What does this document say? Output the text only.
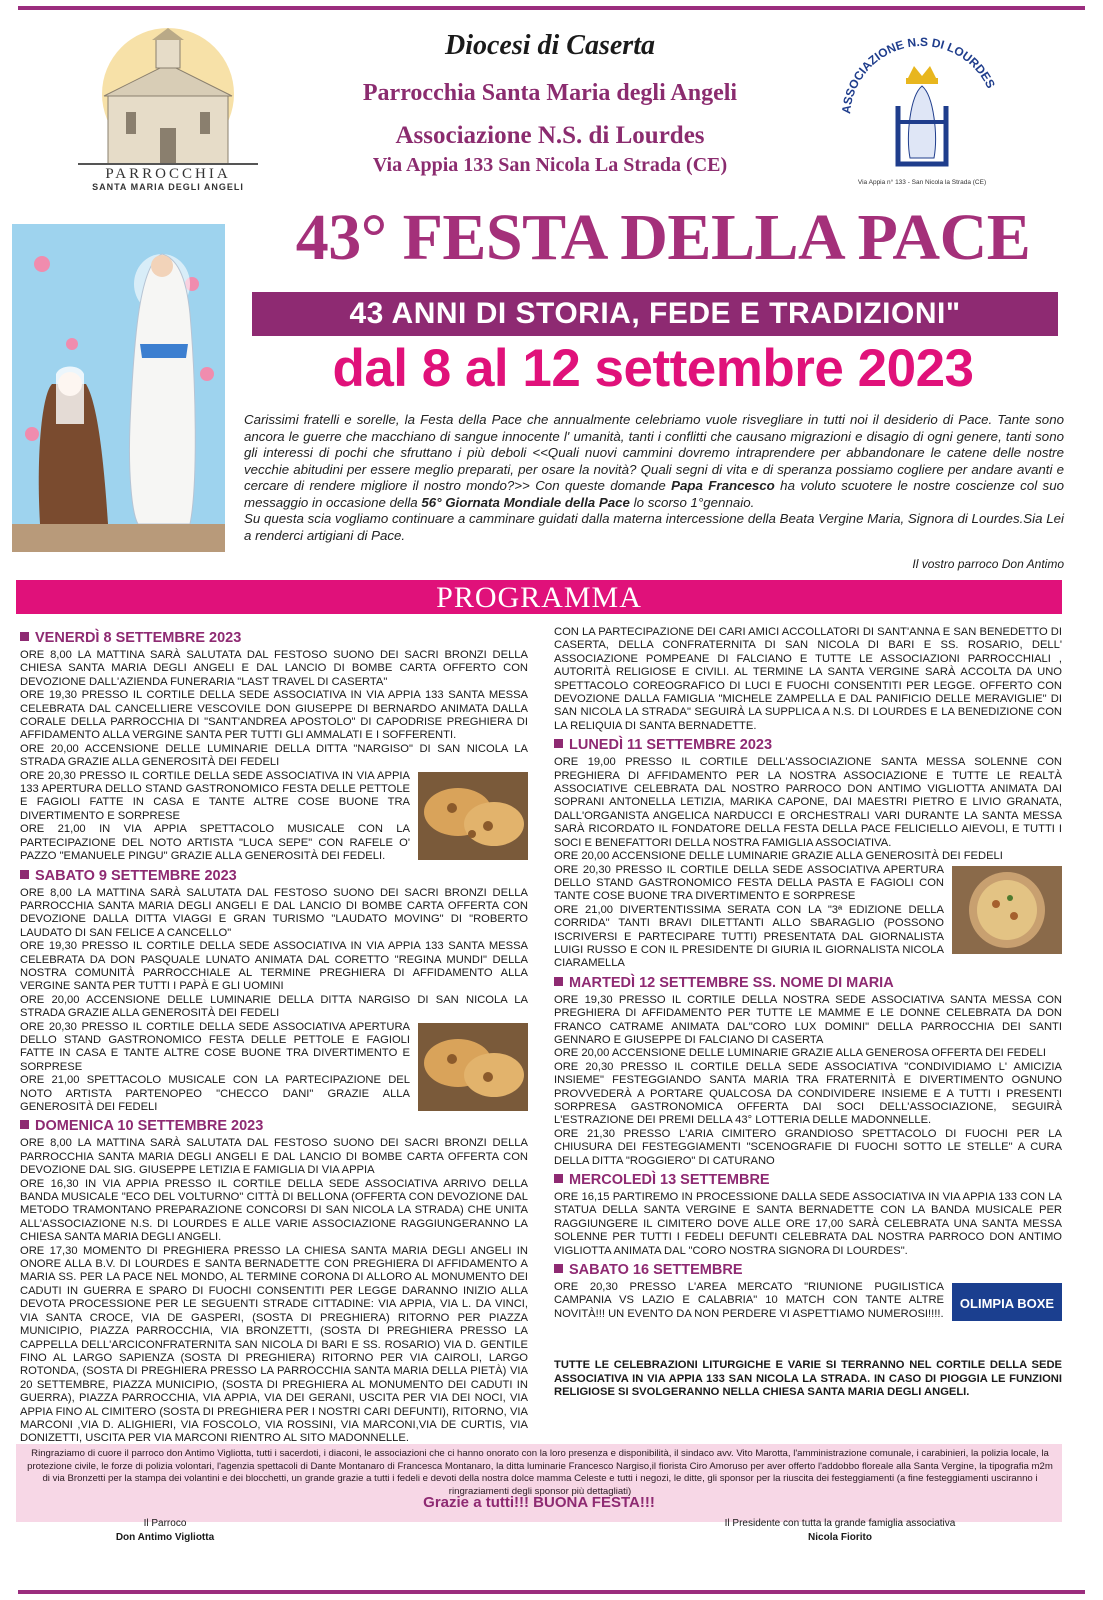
PARROCCHIA
SANTA MARIA DEGLI ANGELI
Diocesi di Caserta
Parrocchia Santa Maria degli Angeli
Associazione N.S. di Lourdes
Via Appia 133 San Nicola La Strada (CE)
ASSOCIAZIONE N.S DI LOURDES
Via Appia n° 133 - San Nicola la Strada (CE)
43° FESTA DELLA PACE
43 ANNI DI STORIA, FEDE E TRADIZIONI"
dal 8 al 12 settembre 2023
Carissimi fratelli e sorelle, la Festa della Pace che annualmente celebriamo vuole risvegliare in tutti noi il desiderio di Pace. Tante sono ancora le guerre che macchiano di sangue innocente l' umanità, tanti i conflitti che causano migrazioni e disagio di ogni genere, tanti sono gli interessi di pochi che sfruttano i più deboli <<Quali nuovi cammini dovremo intraprendere per abbandonare le catene delle nostre vecchie abitudini per essere meglio preparati, per osare la novità? Quali segni di vita e di speranza possiamo cogliere per andare avanti e cercare di rendere migliore il nostro mondo?>> Con queste domande Papa Francesco ha voluto scuotere le nostre coscienze col suo messaggio in occasione della 56° Giornata Mondiale della Pace lo scorso 1°gennaio.
Su questa scia vogliamo continuare a camminare guidati dalla materna intercessione della Beata Vergine Maria, Signora di Lourdes.Sia Lei a renderci artigiani di Pace.
Il vostro parroco Don Antimo
PROGRAMMA
VENERDÌ 8 SETTEMBRE 2023

ORE 8,00 LA MATTINA SARÀ SALUTATA DAL FESTOSO SUONO DEI SACRI BRONZI DELLA CHIESA SANTA MARIA DEGLI ANGELI E DAL LANCIO DI BOMBE CARTA OFFERTO CON DEVOZIONE DALL'AZIENDA FUNERARIA "LAST TRAVEL DI CASERTA"

ORE 19,30 PRESSO IL CORTILE DELLA SEDE ASSOCIATIVA IN VIA APPIA 133 SANTA MESSA CELEBRATA DAL CANCELLIERE VESCOVILE DON GIUSEPPE DI BERNARDO ANIMATA DALLA CORALE DELLA PARROCCHIA DI "SANT'ANDREA APOSTOLO" DI CAPODRISE PREGHIERA DI AFFIDAMENTO ALLA VERGINE SANTA PER TUTTI GLI AMMALATI E I SOFFERENTI.

ORE 20,00 ACCENSIONE DELLE LUMINARIE DELLA DITTA "NARGISO" DI SAN NICOLA LA STRADA GRAZIE ALLA GENEROSITÀ DEI FEDELI

ORE 20,30 PRESSO IL CORTILE DELLA SEDE ASSOCIATIVA IN VIA APPIA 133 APERTURA DELLO STAND GASTRONOMICO FESTA DELLE PETTOLE E FAGIOLI FATTE IN CASA E TANTE ALTRE COSE BUONE TRA DIVERTIMENTO E SORPRESE

ORE 21,00 IN VIA APPIA SPETTACOLO MUSICALE CON LA PARTECIPAZIONE DEL NOTO ARTISTA "LUCA SEPE" CON RAFELE O' PAZZO "EMANUELE PINGU" GRAZIE ALLA GENEROSITÀ DEI FEDELI.

SABATO 9 SETTEMBRE 2023

ORE 8,00 LA MATTINA SARÀ SALUTATA DAL FESTOSO SUONO DEI SACRI BRONZI DELLA PARROCCHIA SANTA MARIA DEGLI ANGELI E DAL LANCIO DI BOMBE CARTA OFFERTA CON DEVOZIONE DALLA DITTA VIAGGI E GRAN TURISMO "LAUDATO MOVING" DI "ROBERTO LAUDATO DI SAN FELICE A CANCELLO"

ORE 19,30 PRESSO IL CORTILE DELLA SEDE ASSOCIATIVA IN VIA APPIA 133 SANTA MESSA CELEBRATA DA DON PASQUALE LUNATO ANIMATA DAL CORETTO "REGINA MUNDI" DELLA NOSTRA COMUNITÀ PARROCCHIALE AL TERMINE PREGHIERA DI AFFIDAMENTO ALLA VERGINE SANTA PER TUTTI I PAPÀ E GLI UOMINI

ORE 20,00 ACCENSIONE DELLE LUMINARIE DELLA DITTA NARGISO DI SAN NICOLA LA STRADA GRAZIE ALLA GENEROSITÀ DEI FEDELI

ORE 20,30 PRESSO IL CORTILE DELLA SEDE ASSOCIATIVA APERTURA DELLO STAND GASTRONOMICO FESTA DELLE PETTOLE E FAGIOLI FATTE IN CASA E TANTE ALTRE COSE BUONE TRA DIVERTIMENTO E SORPRESE

ORE 21,00 SPETTACOLO MUSICALE CON LA PARTECIPAZIONE DEL NOTO ARTISTA PARTENOPEO "CHECCO DANI" GRAZIE ALLA GENEROSITÀ DEI FEDELI

DOMENICA 10 SETTEMBRE 2023

ORE 8,00 LA MATTINA SARÀ SALUTATA DAL FESTOSO SUONO DEI SACRI BRONZI DELLA PARROCCHIA SANTA MARIA DEGLI ANGELI E DAL LANCIO DI BOMBE CARTA OFFERTA CON DEVOZIONE DAL SIG. GIUSEPPE LETIZIA E FAMIGLIA DI VIA APPIA

ORE 16,30 IN VIA APPIA PRESSO IL CORTILE DELLA SEDE ASSOCIATIVA ARRIVO DELLA BANDA MUSICALE "ECO DEL VOLTURNO" CITTÀ DI BELLONA (OFFERTA CON DEVOZIONE DAL METODO TRAMONTANO PREPARAZIONE CONCORSI DI SAN NICOLA LA STRADA) CHE UNITA ALL'ASSOCIAZIONE N.S. DI LOURDES E ALLE VARIE ASSOCIAZIONE RAGGIUNGERANNO LA CHIESA SANTA MARIA DEGLI ANGELI.

ORE 17,30 MOMENTO DI PREGHIERA PRESSO LA CHIESA SANTA MARIA DEGLI ANGELI IN ONORE ALLA B.V. DI LOURDES E SANTA BERNADETTE CON PREGHIERA DI AFFIDAMENTO A MARIA SS. PER LA PACE NEL MONDO, AL TERMINE CORONA DI ALLORO AL MONUMENTO DEI CADUTI IN GUERRA E SPARO DI FUOCHI CONSENTITI PER LEGGE DARANNO INIZIO ALLA DEVOTA PROCESSIONE PER LE SEGUENTI STRADE CITTADINE: VIA APPIA, VIA L. DA VINCI, VIA SANTA CROCE, VIA DE GASPERI, (SOSTA DI PREGHIERA) RITORNO PER PIAZZA MUNICIPIO, PIAZZA PARROCCHIA, VIA BRONZETTI, (SOSTA DI PREGHIERA PRESSO LA CAPPELLA DELL'ARCICONFRATERNITA SAN NICOLA DI BARI E SS. ROSARIO) VIA D. GENTILE FINO AL LARGO SAPIENZA (SOSTA DI PREGHIERA) RITORNO PER VIA CAIROLI, LARGO ROTONDA, (SOSTA DI PREGHIERA PRESSO LA PARROCCHIA SANTA MARIA DELLA PIETÀ) VIA 20 SETTEMBRE, PIAZZA MUNICIPIO, (SOSTA DI PREGHIERA AL MONUMENTO DEI CADUTI IN GUERRA), PIAZZA PARROCCHIA, VIA APPIA, VIA DEI GERANI, USCITA PER VIA DEI NOCI, VIA APPIA FINO AL CIMITERO (SOSTA DI PREGHIERA PER I NOSTRI CARI DEFUNTI), RITORNO, VIA MARCONI ,VIA D. ALIGHIERI, VIA FOSCOLO, VIA ROSSINI, VIA MARCONI,VIA DE CURTIS, VIA DONIZETTI, USCITA PER VIA MARCONI RIENTRO AL SITO MADONNELLE.

CON LA PARTECIPAZIONE DEI CARI AMICI ACCOLLATORI DI SANT'ANNA E SAN BENEDETTO DI CASERTA, DELLA CONFRATERNITA DI SAN NICOLA DI BARI E SS. ROSARIO, DELL' ASSOCIAZIONE POMPEANE DI FALCIANO E TUTTE LE ASSOCIAZIONI PARROCCHIALI , AUTORITÀ RELIGIOSE E CIVILI. AL TERMINE LA SANTA VERGINE SARÀ ACCOLTA DA UNO SPETTACOLO COREOGRAFICO DI LUCI E FUOCHI CONSENTITI PER LEGGE. OFFERTO CON DEVOZIONE DALLA FAMIGLIA "MICHELE ZAMPELLA E DAL PANIFICIO DELLE MERAVIGLIE" DI SAN NICOLA LA STRADA" SEGUIRÀ LA SUPPLICA A N.S. DI LOURDES E LA BENEDIZIONE CON LA RELIQUIA DI SANTA BERNADETTE.

LUNEDÌ 11 SETTEMBRE 2023

ORE 19,00 PRESSO IL CORTILE DELL'ASSOCIAZIONE SANTA MESSA SOLENNE CON PREGHIERA DI AFFIDAMENTO PER LA NOSTRA ASSOCIAZIONE E TUTTE LE REALTÀ ASSOCIATIVE CELEBRATA DAL NOSTRO PARROCO DON ANTIMO VIGLIOTTA ANIMATA DAI SOPRANI ANTONELLA LETIZIA, MARIKA CAPONE, DAI MAESTRI PIETRO E LIVIO GRANATA, DALL'ORGANISTA ANGELICA NARDUCCI E ORCHESTRALI VARI DURANTE LA SANTA MESSA SARÀ RICORDATO IL FONDATORE DELLA FESTA DELLA PACE FELICIELLO AIEVOLI, E TUTTI I SOCI E BENEFATTORI DELLA NOSTRA FAMIGLIA ASSOCIATIVA.

ORE 20,00 ACCENSIONE DELLE LUMINARIE GRAZIE ALLA GENEROSITÀ DEI FEDELI

ORE 20,30 PRESSO IL CORTILE DELLA SEDE ASSOCIATIVA APERTURA DELLO STAND GASTRONOMICO FESTA DELLA PASTA E FAGIOLI CON TANTE COSE BUONE TRA DIVERTIMENTO E SORPRESE

ORE 21,00 DIVERTENTISSIMA SERATA CON LA "3ª EDIZIONE DELLA CORRIDA" TANTI BRAVI DILETTANTI ALLO SBARAGLIO (POSSONO ISCRIVERSI E PARTECIPARE TUTTI) PRESENTATA DAL GIORNALISTA LUIGI RUSSO E CON IL PRESIDENTE DI GIURIA IL GIORNALISTA NICOLA CIARAMELLA

MARTEDÌ 12 SETTEMBRE SS. NOME DI MARIA

ORE 19,30 PRESSO IL CORTILE DELLA NOSTRA SEDE ASSOCIATIVA SANTA MESSA CON PREGHIERA DI AFFIDAMENTO PER TUTTE LE MAMME E LE DONNE CELEBRATA DA DON FRANCO CATRAME ANIMATA DAL"CORO LUX DOMINI" DELLA PARROCCHIA DEI SANTI GENNARO E GIUSEPPE DI FALCIANO DI CASERTA

ORE 20,00 ACCENSIONE DELLE LUMINARIE GRAZIE ALLA GENEROSA OFFERTA DEI FEDELI

ORE 20,30 PRESSO IL CORTILE DELLA SEDE ASSOCIATIVA "CONDIVIDIAMO L' AMICIZIA INSIEME" FESTEGGIANDO SANTA MARIA TRA FRATERNITÀ E DIVERTIMENTO OGNUNO PROVVEDERÀ A PORTARE QUALCOSA DA CONDIVIDERE INSIEME E A TUTTI I PRESENTI SORPRESA GASTRONOMICA OFFERTA DAI SOCI DELL'ASSOCIAZIONE, SEGUIRÀ L'ESTRAZIONE DEI PREMI DELLA 43° LOTTERIA DELLE MADONNELLE.

ORE 21,30 PRESSO L'ARIA CIMITERO GRANDIOSO SPETTACOLO DI FUOCHI PER LA CHIUSURA DEI FESTEGGIAMENTI "SCENOGRAFIE DI FUOCHI SOTTO LE STELLE" A CURA DELLA DITTA "ROGGIERO" DI CATURANO

MERCOLEDÌ 13 SETTEMBRE

ORE 16,15 PARTIREMO IN PROCESSIONE DALLA SEDE ASSOCIATIVA IN VIA APPIA 133 CON LA STATUA DELLA SANTA VERGINE E SANTA BERNADETTE CON LA BANDA MUSICALE PER RAGGIUNGERE IL CIMITERO DOVE ALLE ORE 17,00 SARÀ CELEBRATA UNA SANTA MESSA SOLENNE PER TUTTI I FEDELI DEFUNTI CELEBRATA DAL NOSTRA PARROCO DON ANTIMO VIGLIOTTA ANIMATA DAL "CORO NOSTRA SIGNORA DI LOURDES".

SABATO 16 SETTEMBRE
OLIMPIA BOXE

ORE 20,30 PRESSO L'AREA MERCATO "RIUNIONE PUGILISTICA CAMPANIA VS LAZIO E CALABRIA" 10 MATCH CON TANTE ALTRE NOVITÀ!!! UN EVENTO DA NON PERDERE VI ASPETTIAMO NUMEROSI!!!!.

TUTTE LE CELEBRAZIONI LITURGICHE E VARIE SI TERRANNO NEL CORTILE DELLA SEDE ASSOCIATIVA IN VIA APPIA 133 SAN NICOLA LA STRADA. IN CASO DI PIOGGIA LE FUNZIONI RELIGIOSE SI SVOLGERANNO NELLA CHIESA SANTA MARIA DEGLI ANGELI.

Ringraziamo di cuore il parroco don Antimo Vigliotta, tutti i sacerdoti, i diaconi, le associazioni che ci hanno onorato con la loro presenza e disponibilità, il sindaco avv. Vito Marotta, l'amministrazione comunale, i carabinieri, la polizia locale, la protezione civile, le forze di polizia volontari, l'agenzia spettacoli di Dante Montanaro di Francesca Montanaro, la ditta luminarie Francesco Nargiso,il fiorista Ciro Amoruso per aver offerto l'addobbo floreale alla Santa Vergine, la tipografia m2m di via Bronzetti per la stampa dei volantini e dei blocchetti, un grande grazie a tutti i fedeli e devoti della nostra dolce mamma Celeste e tutti i negozi, le ditte, gli sponsor per la riuscita dei festeggiamenti (a fine festeggiamenti usciranno i ringraziamenti degli sponsor più dettagliati)
Grazie a tutti!!! BUONA FESTA!!!
Il Parroco
Don Antimo Vigliotta
Il Presidente con tutta la grande famiglia associativa
Nicola Fiorito
